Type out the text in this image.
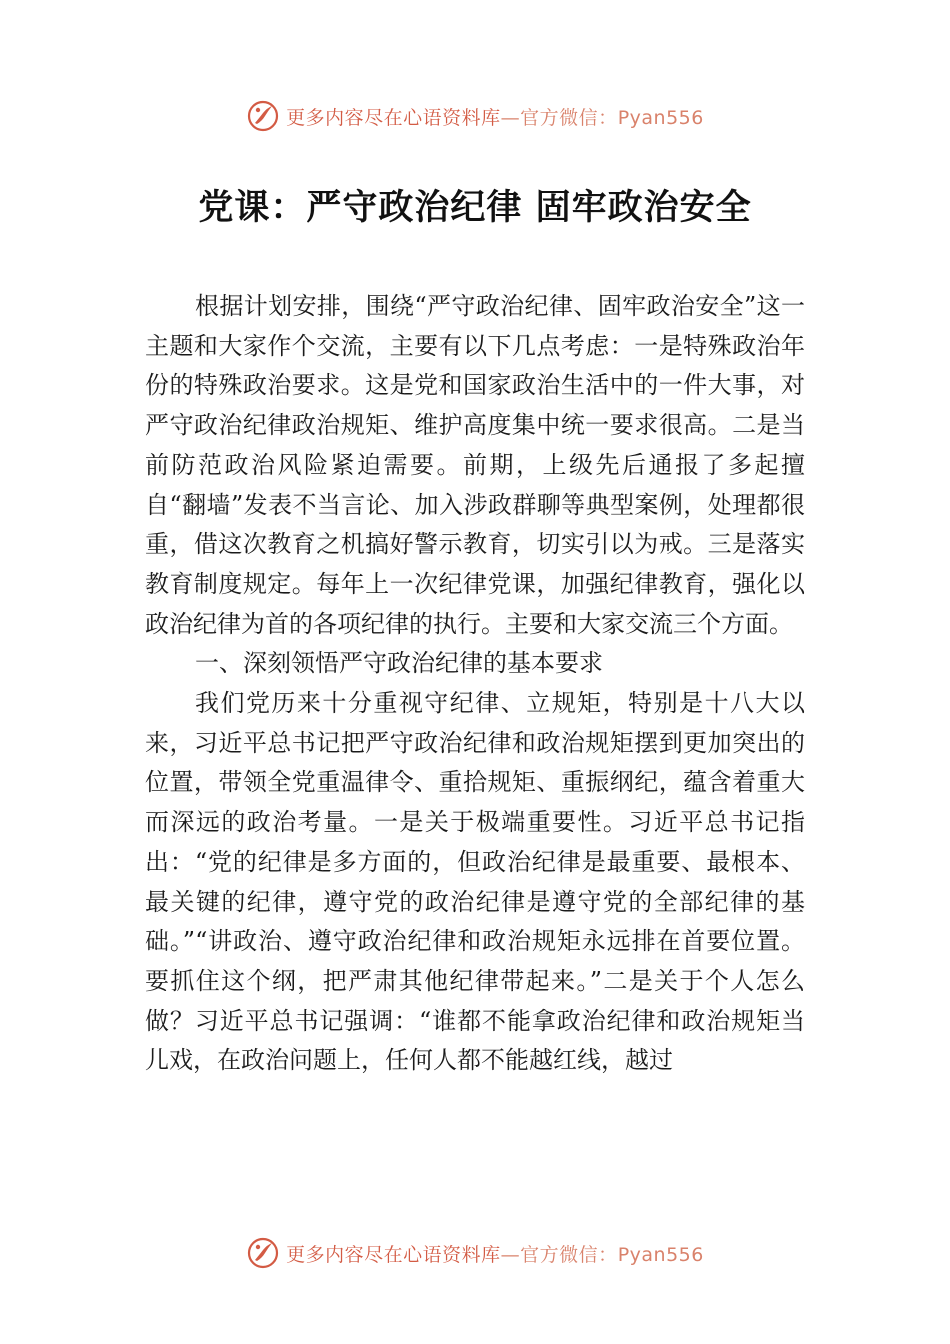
更多内容尽在心语资料库—官方微信：Pyan556
党课：严守政治纪律 固牢政治安全

根据计划安排，围绕“严守政治纪律、固牢政治安全”这一主题和大家作个交流，主要有以下几点考虑：一是特殊政治年份的特殊政治要求。这是党和国家政治生活中的一件大事，对严守政治纪律政治规矩、维护高度集中统一要求很高。二是当前防范政治风险紧迫需要。前期，上级先后通报了多起擅自“翻墙”发表不当言论、加入涉政群聊等典型案例，处理都很重，借这次教育之机搞好警示教育，切实引以为戒。三是落实教育制度规定。每年上一次纪律党课，加强纪律教育，强化以政治纪律为首的各项纪律的执行。主要和大家交流三个方面。

一、深刻领悟严守政治纪律的基本要求

我们党历来十分重视守纪律、立规矩，特别是十八大以来，习近平总书记把严守政治纪律和政治规矩摆到更加突出的位置，带领全党重温律令、重拾规矩、重振纲纪，蕴含着重大而深远的政治考量。一是关于极端重要性。习近平总书记指出：“党的纪律是多方面的，但政治纪律是最重要、最根本、最关键的纪律，遵守党的政治纪律是遵守党的全部纪律的基础。”“讲政治、遵守政治纪律和政治规矩永远排在首要位置。要抓住这个纲，把严肃其他纪律带起来。”二是关于个人怎么做？习近平总书记强调：“谁都不能拿政治纪律和政治规矩当儿戏，在政治问题上，任何人都不能越红线，越过

更多内容尽在心语资料库—官方微信：Pyan556
